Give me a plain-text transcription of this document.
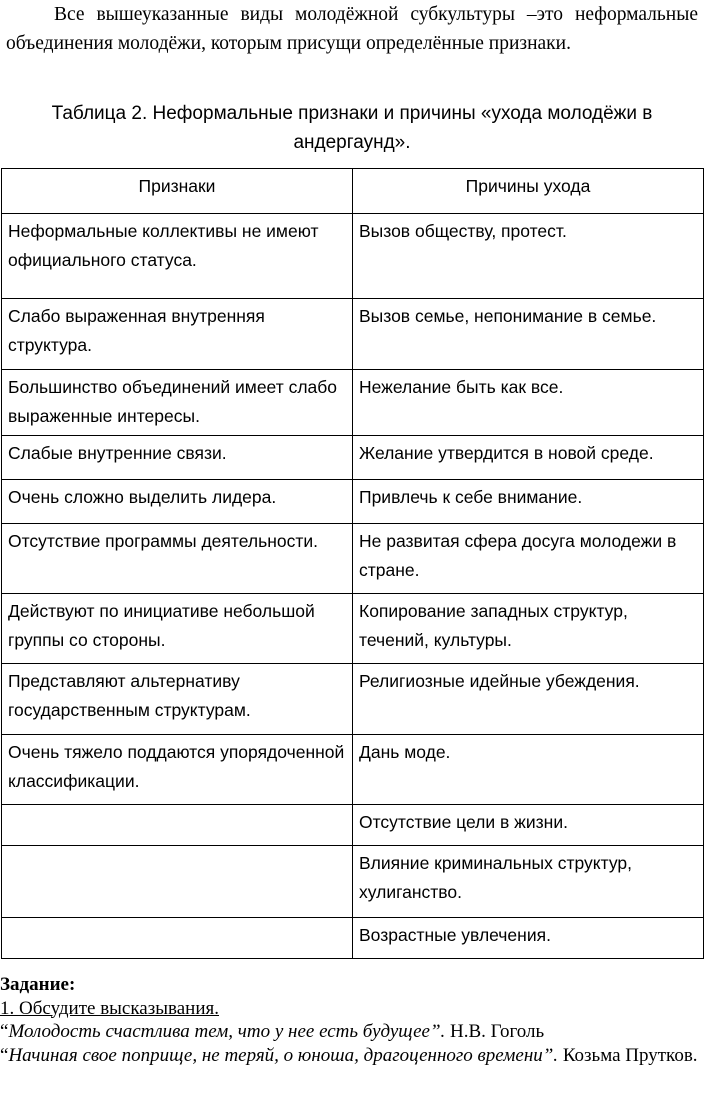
Все вышеуказанные виды молодёжной субкультуры –это неформальные объединения молодёжи, которым присущи определённые признаки.
Таблица 2. Неформальные признаки и причины «ухода молодёжи в андергаунд».
Признаки	Причины ухода
Неформальные коллективы не имеют официального статуса.	Вызов обществу, протест.
Слабо выраженная внутренняя структура.	Вызов семье, непонимание в семье.
Большинство объединений имеет слабо выраженные интересы.	Нежелание быть как все.
Слабые внутренние связи.	Желание утвердится в новой среде.
Очень сложно выделить лидера.	Привлечь к себе внимание.
Отсутствие программы деятельности.	Не развитая сфера досуга молодежи в стране.
Действуют по инициативе небольшой группы со стороны.	Копирование западных структур, течений, культуры.
Представляют альтернативу государственным структурам.	Религиозные идейные убеждения.
Очень тяжело поддаются упорядоченной классификации.	Дань моде.
	Отсутствие цели в жизни.
	Влияние криминальных структур, хулиганство.
	Возрастные увлечения.
Задание:
1. Обсудите высказывания.
“Молодость счастлива тем, что у нее есть будущее”. Н.В. Гоголь
“Начиная свое поприще, не теряй, о юноша, драгоценного времени”. Козьма Прутков.
